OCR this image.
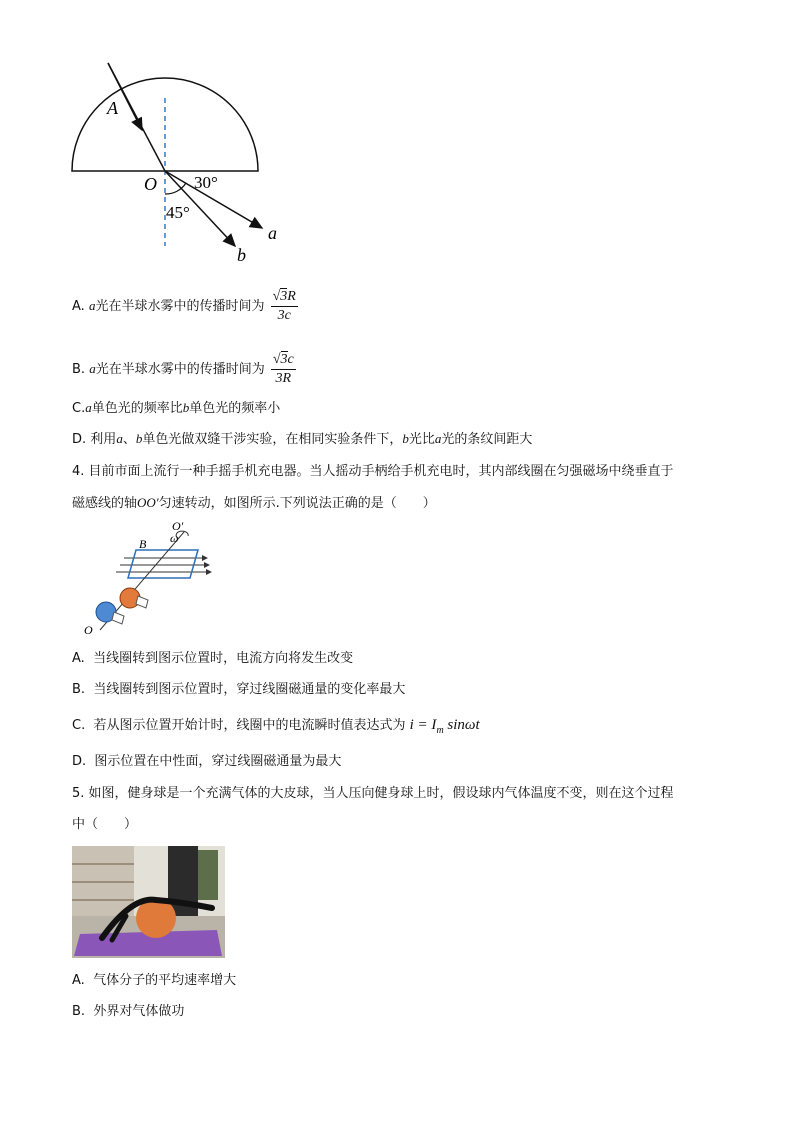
A
O 30°
45°
a
b
A. a光在半球水雾中的传播时间为 $\frac{√3R}{3c}$
B. a光在半球水雾中的传播时间为 $\frac{√3c}{3R}$
C.a单色光的频率比b单色光的频率小
D. 利用a、b单色光做双缝干涉实验，在相同实验条件下，b光比a光的条纹间距大
4. 目前市面上流行一种手摇手机充电器。当人摇动手柄给手机充电时，其内部线圈在匀强磁场中绕垂直于
磁感线的轴OO′匀速转动，如图所示.下列说法正确的是（　　）
O′
ω
B
O
A. 当线圈转到图示位置时，电流方向将发生改变
B. 当线圈转到图示位置时，穿过线圈磁通量的变化率最大
C. 若从图示位置开始计时，线圈中的电流瞬时值表达式为 $i = I_m$ sinωt
D. 图示位置在中性面，穿过线圈磁通量为最大
5. 如图，健身球是一个充满气体的大皮球，当人压向健身球上时，假设球内气体温度不变，则在这个过程
中（　　）
A. 气体分子的平均速率增大
B. 外界对气体做功
